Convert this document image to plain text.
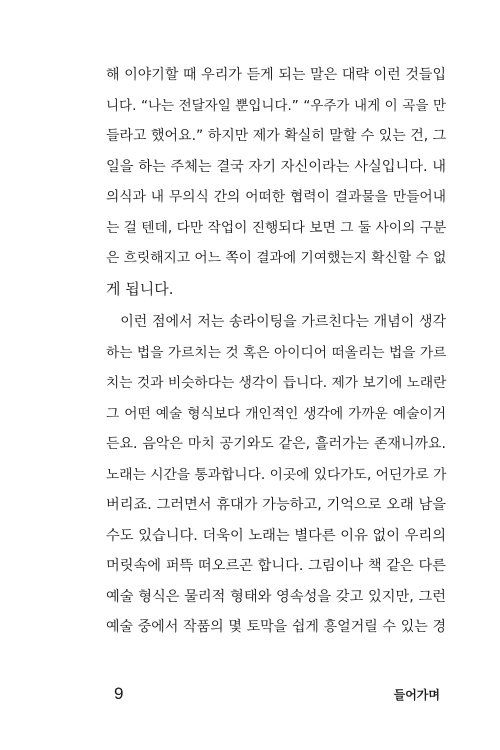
해 이야기할 때 우리가 듣게 되는 말은 대략 이런 것들입
니다. “나는 전달자일 뿐입니다.” “우주가 내게 이 곡을 만
들라고 했어요.” 하지만 제가 확실히 말할 수 있는 건, 그
일을 하는 주체는 결국 자기 자신이라는 사실입니다. 내
의식과 내 무의식 간의 어떠한 협력이 결과물을 만들어내
는 걸 텐데, 다만 작업이 진행되다 보면 그 둘 사이의 구분
은 흐릿해지고 어느 쪽이 결과에 기여했는지 확신할 수 없
게 됩니다.
　이런 점에서 저는 송라이팅을 가르친다는 개념이 생각
하는 법을 가르치는 것 혹은 아이디어 떠올리는 법을 가르
치는 것과 비슷하다는 생각이 듭니다. 제가 보기에 노래란
그 어떤 예술 형식보다 개인적인 생각에 가까운 예술이거
든요. 음악은 마치 공기와도 같은, 흘러가는 존재니까요.
노래는 시간을 통과합니다. 이곳에 있다가도, 어딘가로 가
버리죠. 그러면서 휴대가 가능하고, 기억으로 오래 남을
수도 있습니다. 더욱이 노래는 별다른 이유 없이 우리의
머릿속에 퍼뜩 떠오르곤 합니다. 그림이나 책 같은 다른
예술 형식은 물리적 형태와 영속성을 갖고 있지만, 그런
예술 중에서 작품의 몇 토막을 쉽게 흥얼거릴 수 있는 경
9	들어가며
